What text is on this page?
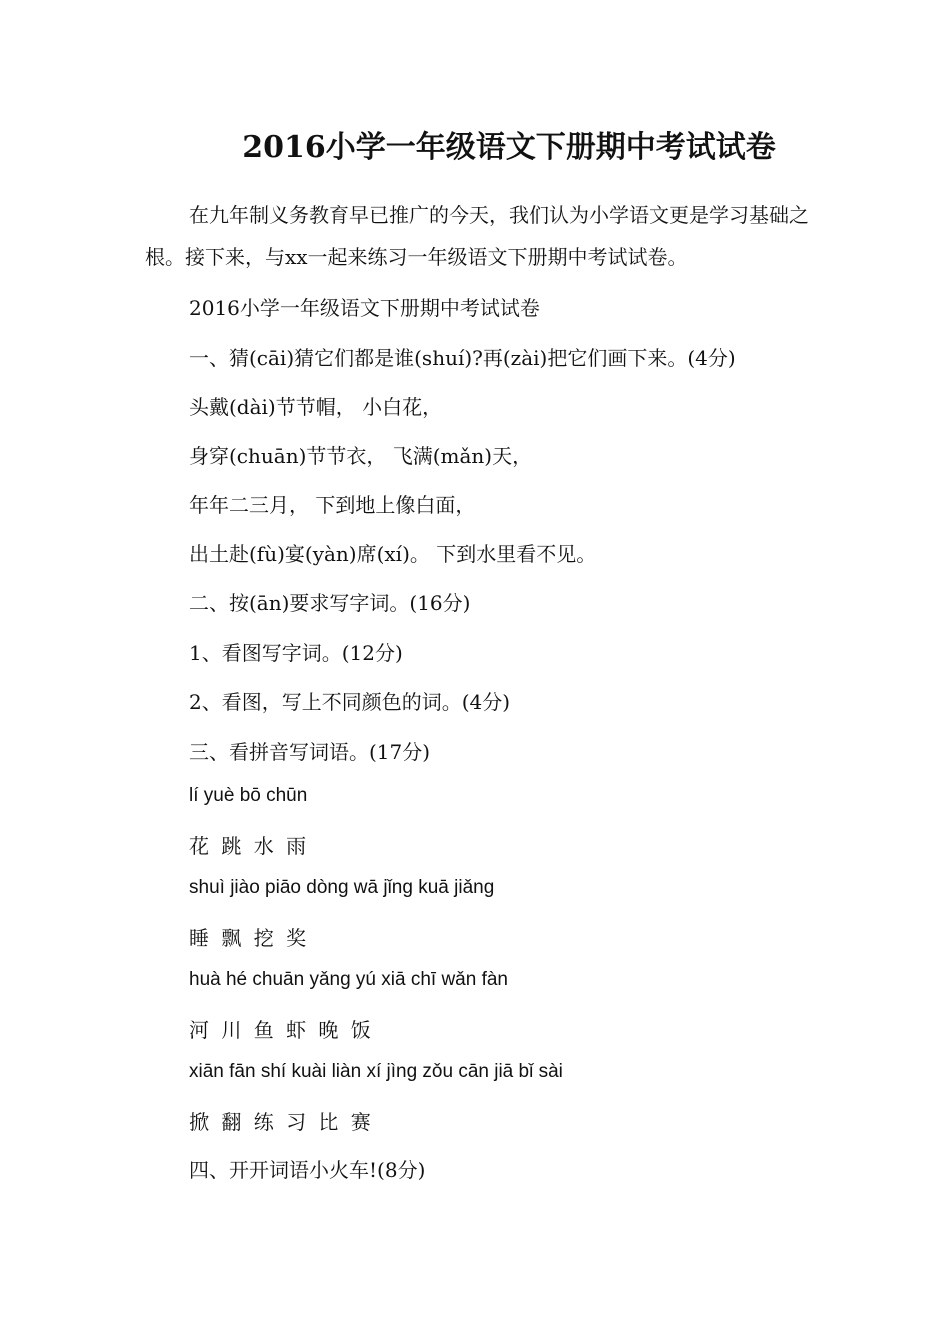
2016小学一年级语文下册期中考试试卷
在九年制义务教育早已推广的今天，我们认为小学语文更是学习基础之根。接下来，与xx一起来练习一年级语文下册期中考试试卷。
2016小学一年级语文下册期中考试试卷
一、猜(cāi)猜它们都是谁(shuí)?再(zài)把它们画下来。(4分)
头戴(dài)节节帽， 小白花，
身穿(chuān)节节衣， 飞满(mǎn)天，
年年二三月， 下到地上像白面，
出土赴(fù)宴(yàn)席(xí)。 下到水里看不见。
二、按(ān)要求写字词。(16分)
1、看图写字词。(12分)
2、看图，写上不同颜色的词。(4分)
三、看拼音写词语。(17分)
lí yuè bō chūn
花 跳 水 雨
shuì jiào piāo dòng wā jǐng kuā jiǎng
睡 飘 挖 奖
huà hé chuān yǎng yú xiā chī wǎn fàn
河 川 鱼 虾 晚 饭
xiān fān shí kuài liàn xí jìng zǒu cān jiā bǐ sài
掀 翻 练 习 比 赛
四、开开词语小火车!(8分)
